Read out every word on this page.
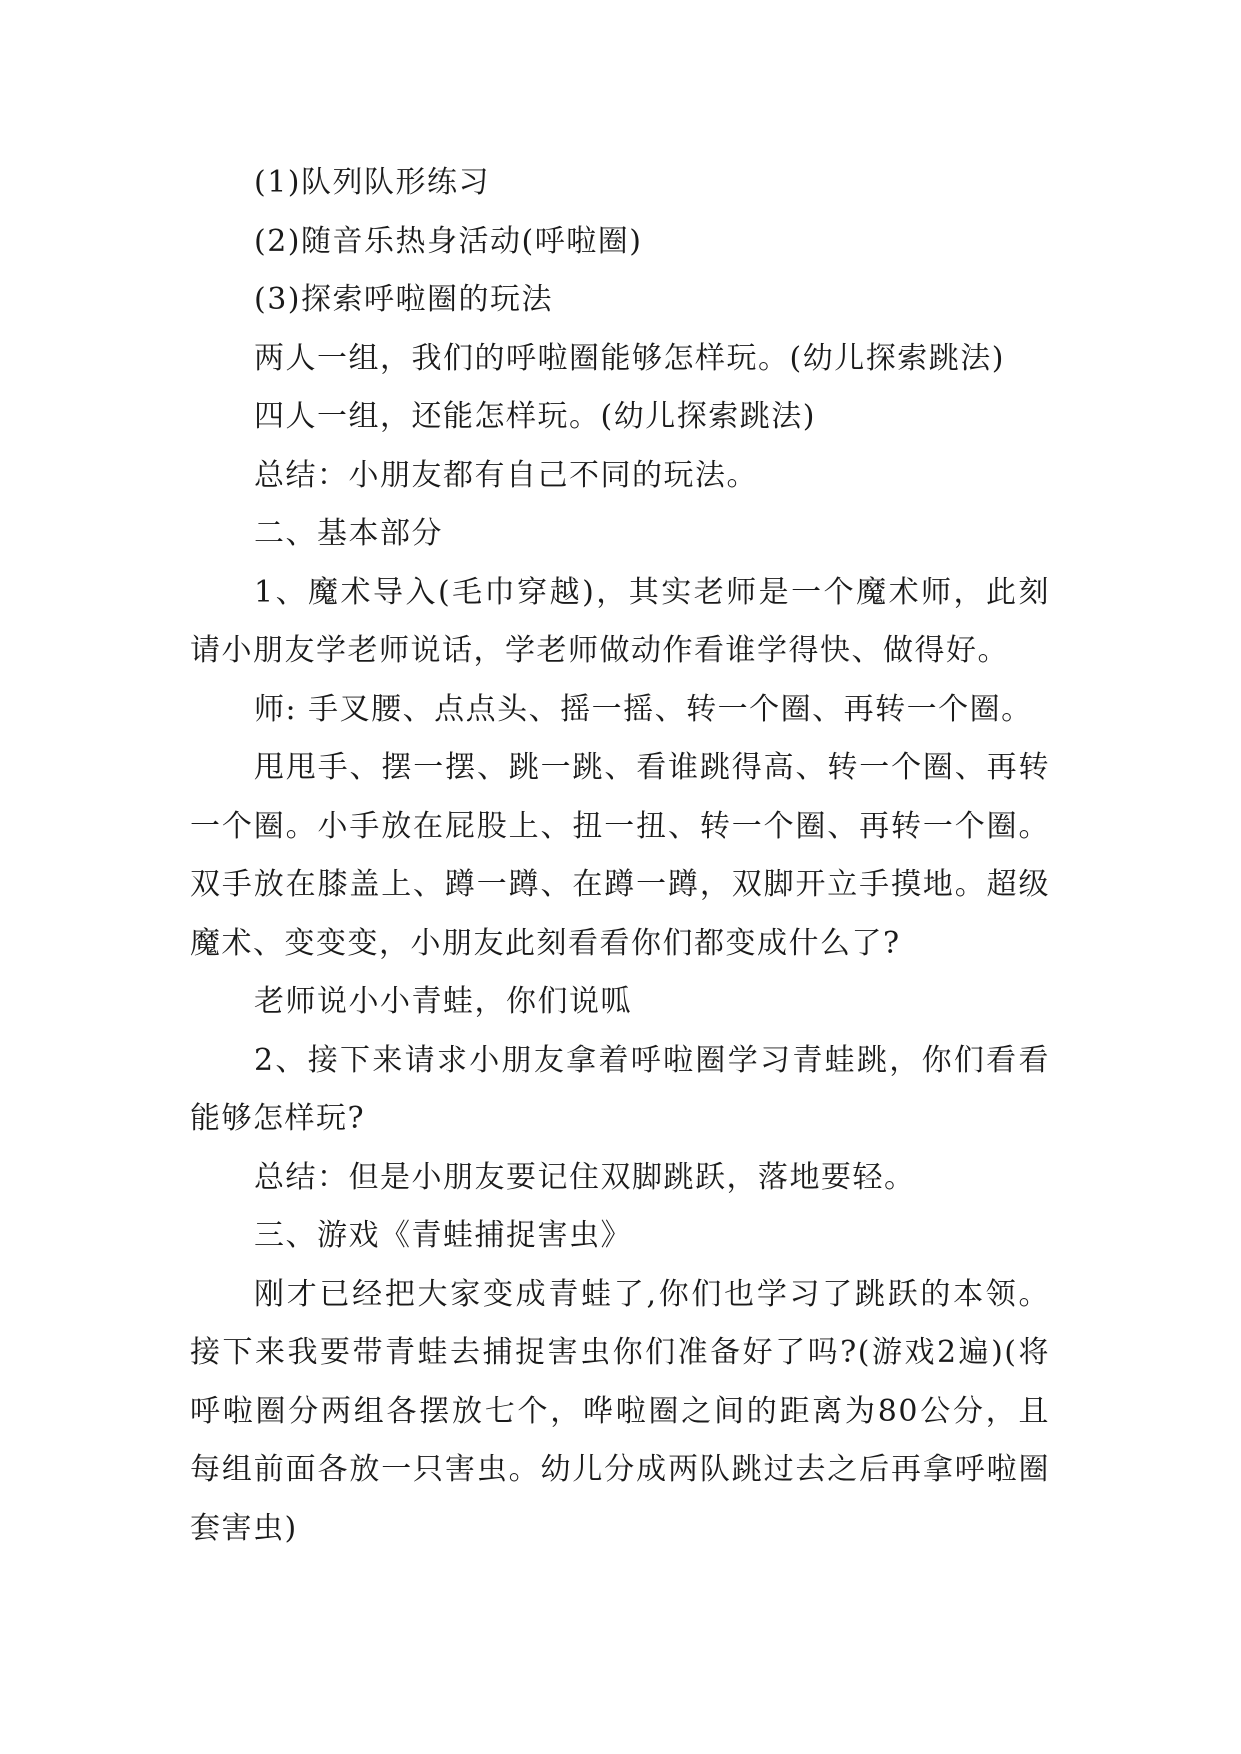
(1)队列队形练习

(2)随音乐热身活动(呼啦圈)

(3)探索呼啦圈的玩法

两人一组，我们的呼啦圈能够怎样玩。(幼儿探索跳法)

四人一组，还能怎样玩。(幼儿探索跳法)

总结：小朋友都有自己不同的玩法。

二、基本部分

1、魔术导入(毛巾穿越)，其实老师是一个魔术师，此刻请小朋友学老师说话，学老师做动作看谁学得快、做得好。

师: 手叉腰、点点头、摇一摇、转一个圈、再转一个圈。

甩甩手、摆一摆、跳一跳、看谁跳得高、转一个圈、再转一个圈。小手放在屁股上、扭一扭、转一个圈、再转一个圈。双手放在膝盖上、蹲一蹲、在蹲一蹲，双脚开立手摸地。超级魔术、变变变，小朋友此刻看看你们都变成什么了?

老师说小小青蛙，你们说呱

2、接下来请求小朋友拿着呼啦圈学习青蛙跳，你们看看能够怎样玩?

总结：但是小朋友要记住双脚跳跃，落地要轻。

三、游戏《青蛙捕捉害虫》

刚才已经把大家变成青蛙了,你们也学习了跳跃的本领。接下来我要带青蛙去捕捉害虫你们准备好了吗?(游戏2遍)(将呼啦圈分两组各摆放七个，哗啦圈之间的距离为80公分，且每组前面各放一只害虫。幼儿分成两队跳过去之后再拿呼啦圈套害虫)
